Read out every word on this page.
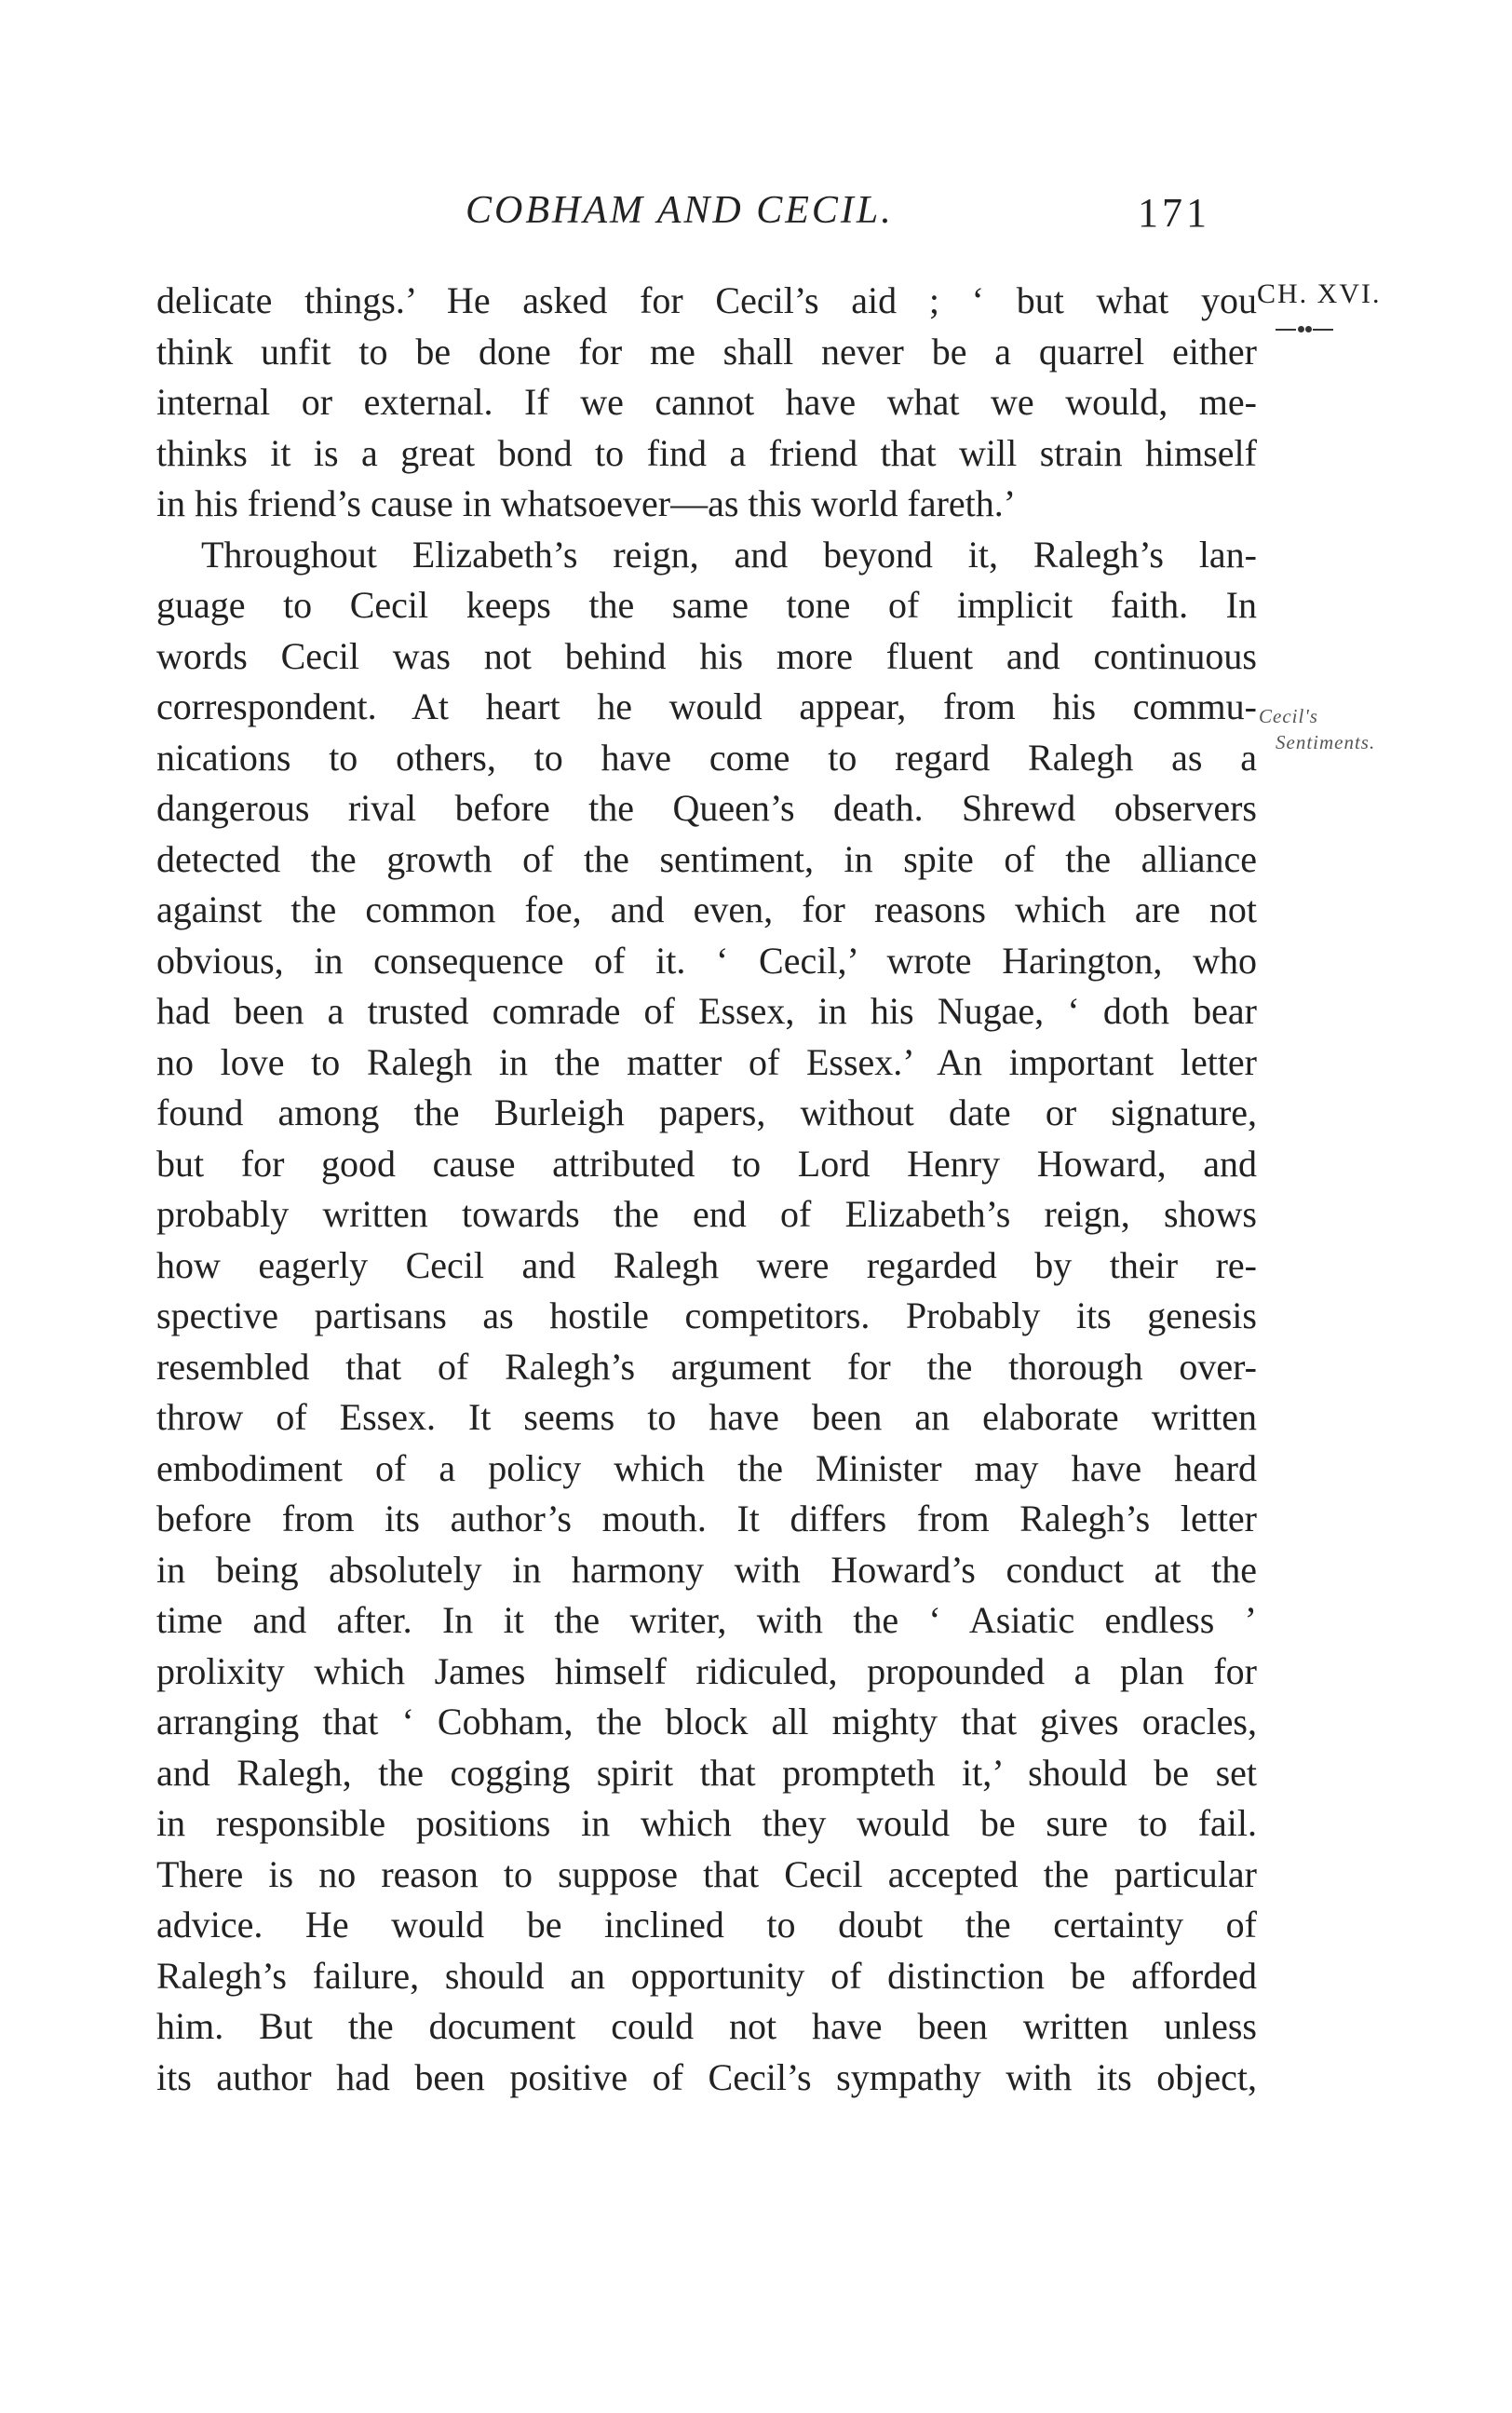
COBHAM AND CECIL.	171
CH. XVI.
Cecil's
Sentiments.
delicate things.’ He asked for Cecil’s aid ; ‘ but what you
think unfit to be done for me shall never be a quarrel either
internal or external. If we cannot have what we would, me-
thinks it is a great bond to find a friend that will strain himself
in his friend’s cause in whatsoever—as this world fareth.’
Throughout Elizabeth’s reign, and beyond it, Ralegh’s lan-
guage to Cecil keeps the same tone of implicit faith. In
words Cecil was not behind his more fluent and continuous
correspondent. At heart he would appear, from his commu-
nications to others, to have come to regard Ralegh as a
dangerous rival before the Queen’s death. Shrewd observers
detected the growth of the sentiment, in spite of the alliance
against the common foe, and even, for reasons which are not
obvious, in consequence of it. ‘ Cecil,’ wrote Harington, who
had been a trusted comrade of Essex, in his Nugae, ‘ doth bear
no love to Ralegh in the matter of Essex.’ An important letter
found among the Burleigh papers, without date or signature,
but for good cause attributed to Lord Henry Howard, and
probably written towards the end of Elizabeth’s reign, shows
how eagerly Cecil and Ralegh were regarded by their re-
spective partisans as hostile competitors. Probably its genesis
resembled that of Ralegh’s argument for the thorough over-
throw of Essex. It seems to have been an elaborate written
embodiment of a policy which the Minister may have heard
before from its author’s mouth. It differs from Ralegh’s letter
in being absolutely in harmony with Howard’s conduct at the
time and after. In it the writer, with the ‘ Asiatic endless ’
prolixity which James himself ridiculed, propounded a plan for
arranging that ‘ Cobham, the block all mighty that gives oracles,
and Ralegh, the cogging spirit that prompteth it,’ should be set
in responsible positions in which they would be sure to fail.
There is no reason to suppose that Cecil accepted the particular
advice. He would be inclined to doubt the certainty of
Ralegh’s failure, should an opportunity of distinction be afforded
him. But the document could not have been written unless
its author had been positive of Cecil’s sympathy with its object,
